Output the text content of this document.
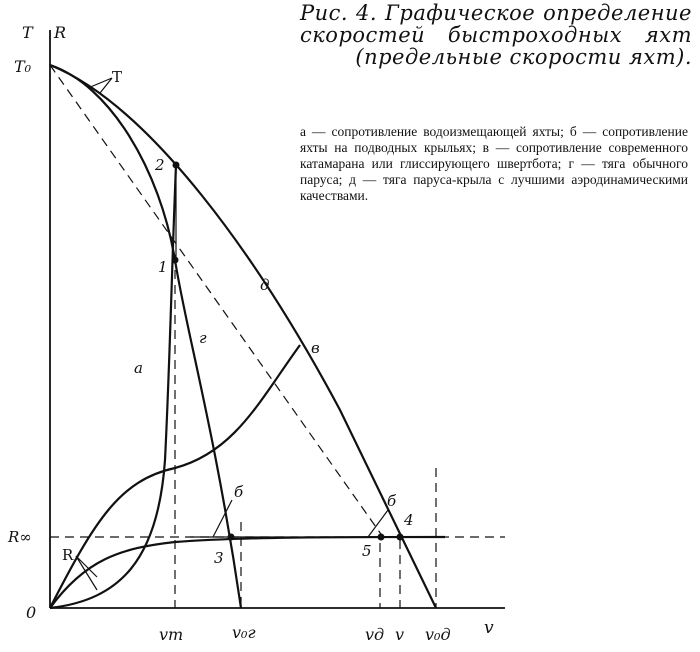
Рис. 4. Графическое определение скоростей быстроходных яхт (предельные скорости яхт).
а — сопротивление водоизмещающей яхты; б — сопротивление яхты на подводных крыльях; в — сопротивление современного катамарана или глиссирующего швертбота; г — тяга обычного паруса; д — тяга паруса-крыла с лучшими аэродинамическими качествами.
T R
T₀
R∞
0
v
vm	v₀г	vд v v₀д
а
г
в
д
б
б
T
R
1
2
3
4
5
